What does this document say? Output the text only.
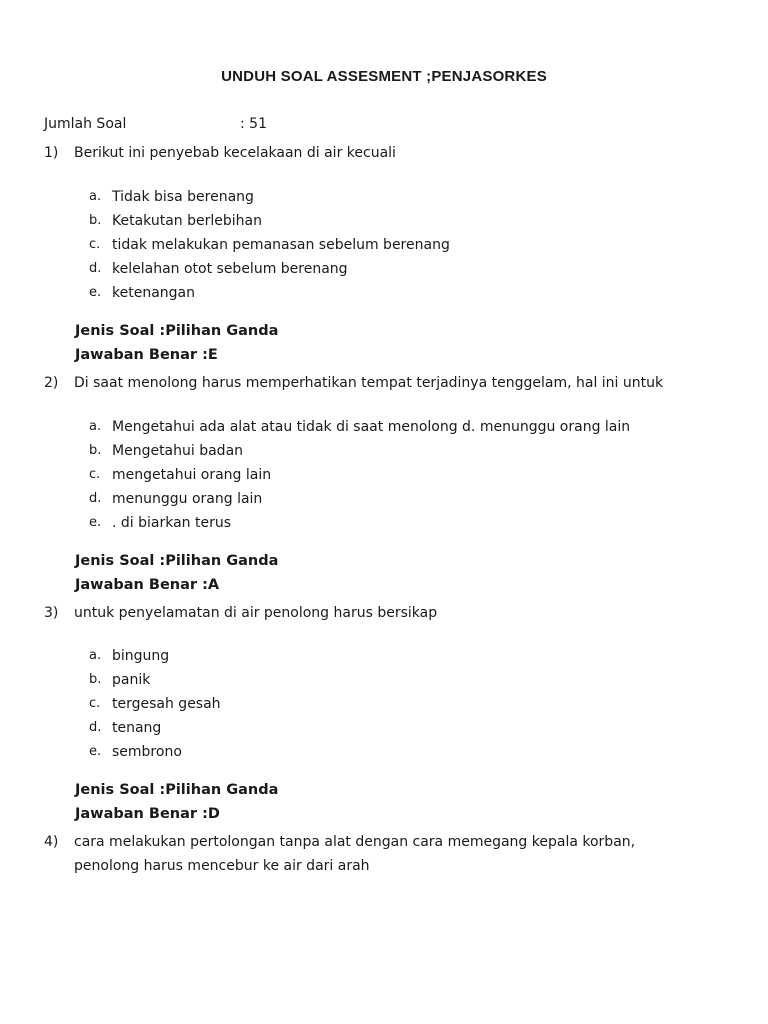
UNDUH SOAL ASSESMENT ;PENJASORKES
Jumlah Soal	: 51
1) Berikut ini penyebab kecelakaan di air kecuali
a. Tidak bisa berenang
b. Ketakutan berlebihan
c. tidak melakukan pemanasan sebelum berenang
d. kelelahan otot sebelum berenang
e. ketenangan
Jenis Soal :Pilihan Ganda
Jawaban Benar :E
2) Di saat menolong harus memperhatikan tempat terjadinya tenggelam, hal ini untuk
a. Mengetahui ada alat atau tidak di saat menolong d. menunggu orang lain
b. Mengetahui badan
c. mengetahui orang lain
d. menunggu orang lain
e. . di biarkan terus
Jenis Soal :Pilihan Ganda
Jawaban Benar :A
3) untuk penyelamatan di air penolong harus bersikap
a. bingung
b. panik
c. tergesah gesah
d. tenang
e. sembrono
Jenis Soal :Pilihan Ganda
Jawaban Benar :D
4) cara melakukan pertolongan tanpa alat dengan cara memegang kepala korban,
penolong harus mencebur ke air dari arah
